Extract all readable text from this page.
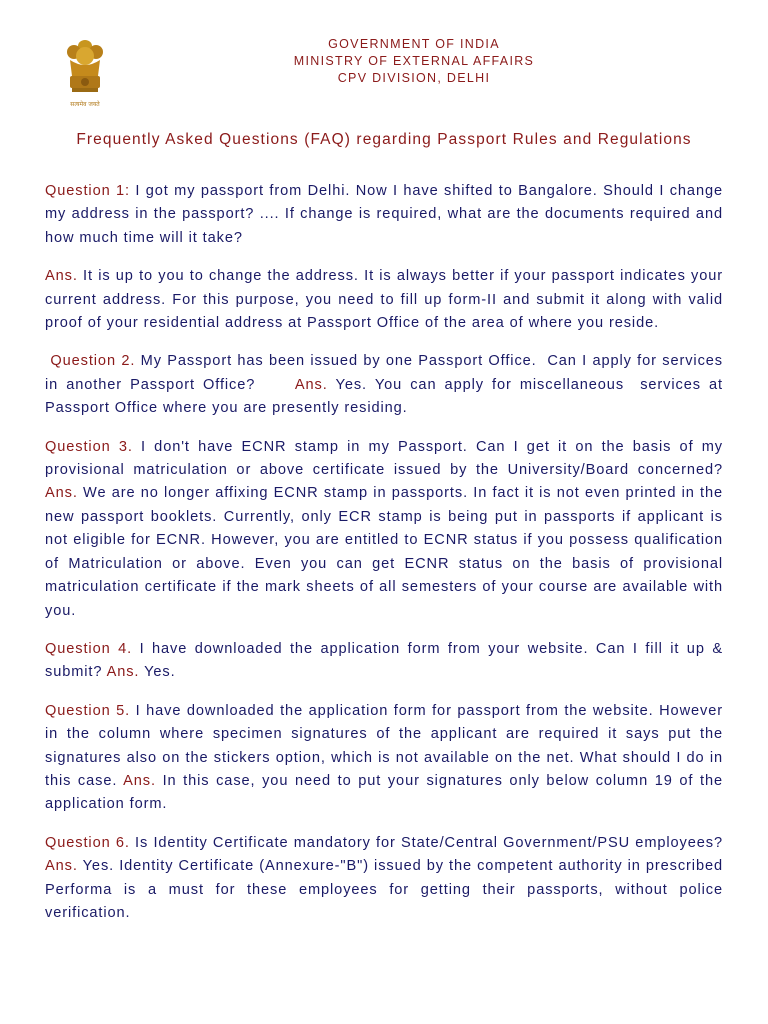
सत्यमेव जयते
GOVERNMENT OF INDIA
MINISTRY OF EXTERNAL AFFAIRS
CPV DIVISION, DELHI
Frequently Asked Questions (FAQ) regarding Passport Rules and Regulations

Question 1: I got my passport from Delhi. Now I have shifted to Bangalore. Should I change my address in the passport? .... If change is required, what are the documents required and how much time will it take?

Ans. It is up to you to change the address. It is always better if your passport indicates your current address. For this purpose, you need to fill up form-II and submit it along with valid proof of your residential address at Passport Office of the area of where you reside.

Question 2. My Passport has been issued by one Passport Office.  Can I apply for services in another Passport Office?     Ans. Yes. You can apply for miscellaneous  services at Passport Office where you are presently residing.

Question 3. I don't have ECNR stamp in my Passport. Can I get it on the basis of my provisional matriculation or above certificate issued by the University/Board concerned? Ans. We are no longer affixing ECNR stamp in passports. In fact it is not even printed in the new passport booklets. Currently, only ECR stamp is being put in passports if applicant is not eligible for ECNR. However, you are entitled to ECNR status if you possess qualification of Matriculation or above. Even you can get ECNR status on the basis of provisional matriculation certificate if the mark sheets of all semesters of your course are available with you.

Question 4. I have downloaded the application form from your website. Can I fill it up & submit? Ans. Yes.

Question 5. I have downloaded the application form for passport from the website. However in the column where specimen signatures of the applicant are required it says put the signatures also on the stickers option, which is not available on the net. What should I do in this case. Ans. In this case, you need to put your signatures only below column 19 of the application form.

Question 6. Is Identity Certificate mandatory for State/Central Government/PSU employees? Ans. Yes. Identity Certificate (Annexure-"B") issued by the competent authority in prescribed Performa is a must for these employees for getting their passports, without police verification.
